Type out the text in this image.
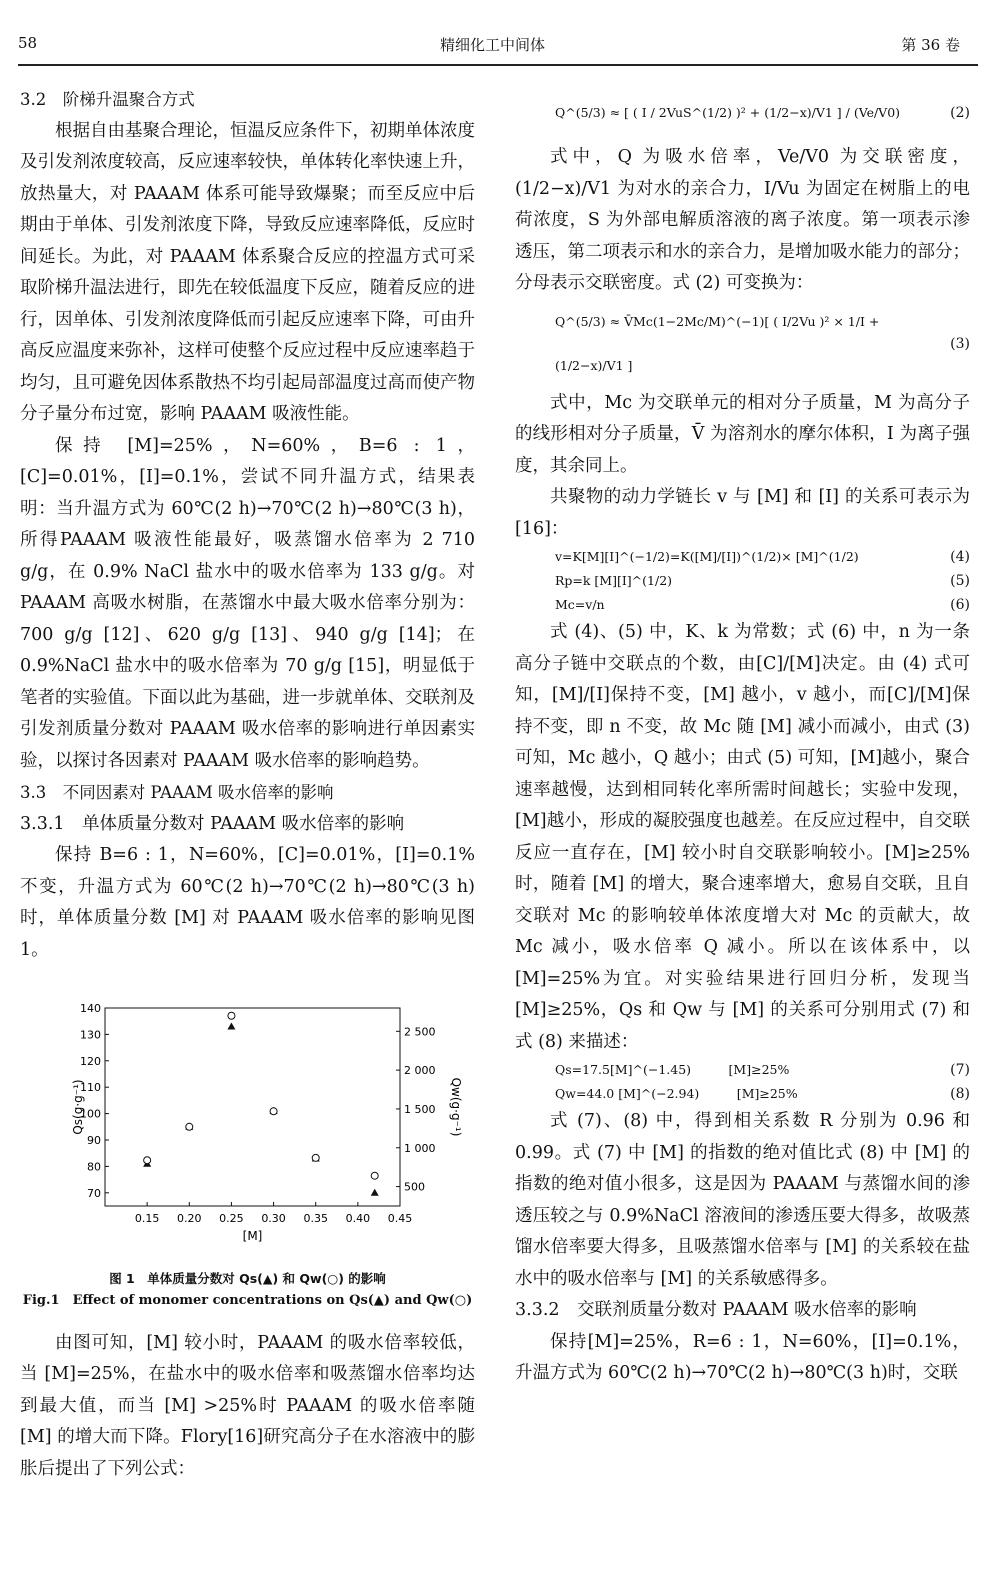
58	精细化工中间体	第 36 卷

3.2　阶梯升温聚合方式

根据自由基聚合理论，恒温反应条件下，初期单体浓度及引发剂浓度较高，反应速率较快，单体转化率快速上升，放热量大，对 PAAAM 体系可能导致爆聚；而至反应中后期由于单体、引发剂浓度下降，导致反应速率降低，反应时间延长。为此，对 PAAAM 体系聚合反应的控温方式可采取阶梯升温法进行，即先在较低温度下反应，随着反应的进行，因单体、引发剂浓度降低而引起反应速率下降，可由升高反应温度来弥补，这样可使整个反应过程中反应速率趋于均匀，且可避免因体系散热不均引起局部温度过高而使产物分子量分布过宽，影响 PAAAM 吸液性能。

保持 [M]=25%，N=60%，B=6 : 1，[C]=0.01%，[I]=0.1%，尝试不同升温方式，结果表明：当升温方式为 60℃(2 h)→70℃(2 h)→80℃(3 h)，所得PAAAM 吸液性能最好，吸蒸馏水倍率为 2 710 g/g，在 0.9% NaCl 盐水中的吸水倍率为 133 g/g。对PAAAM 高吸水树脂，在蒸馏水中最大吸水倍率分别为：700 g/g [12]、620 g/g [13]、940 g/g [14]；在 0.9%NaCl 盐水中的吸水倍率为 70 g/g [15]，明显低于笔者的实验值。下面以此为基础，进一步就单体、交联剂及引发剂质量分数对 PAAAM 吸水倍率的影响进行单因素实验，以探讨各因素对 PAAAM 吸水倍率的影响趋势。

3.3　不同因素对 PAAAM 吸水倍率的影响

3.3.1　单体质量分数对 PAAAM 吸水倍率的影响

保持 B=6 : 1，N=60%，[C]=0.01%，[I]=0.1%不变，升温方式为 60℃(2 h)→70℃(2 h)→80℃(3 h)时，单体质量分数 [M] 对 PAAAM 吸水倍率的影响见图 1。

0.15 0.20 0.25 0.30 0.35 0.40 0.45
70
80
90
100
110
120
130
140
500
1 000
1 500
2 000
2 500
[M]
Qs(g·g⁻¹)	Qw(g·g⁻¹)
图 1　单体质量分数对 Qs(▲) 和 Qw(○) 的影响
Fig.1　Effect of monomer concentrations on Qs(▲) and Qw(○)

由图可知，[M] 较小时，PAAAM 的吸水倍率较低，当 [M]=25%，在盐水中的吸水倍率和吸蒸馏水倍率均达到最大值，而当 [M] >25%时 PAAAM 的吸水倍率随 [M] 的增大而下降。Flory[16]研究高分子在水溶液中的膨胀后提出了下列公式：

Q^(5/3) ≈ [ ( I / 2VuS^(1/2) )² + (1/2−x)/V1 ] / (Ve/V0)	(2)

式中，Q 为吸水倍率，Ve/V0 为交联密度，(1/2−x)/V1 为对水的亲合力，I/Vu 为固定在树脂上的电荷浓度，S 为外部电解质溶液的离子浓度。第一项表示渗透压，第二项表示和水的亲合力，是增加吸水能力的部分；分母表示交联密度。式 (2) 可变换为：

Q^(5/3) ≈ V̄Mc(1−2Mc/M)^(−1)[ ( I/2Vu )² × 1/I + (1/2−x)/V1 ]
(3)

式中，Mc 为交联单元的相对分子质量，M 为高分子的线形相对分子质量，V̄ 为溶剂水的摩尔体积，I 为离子强度，其余同上。

共聚物的动力学链长 v 与 [M] 和 [I] 的关系可表示为[16]：

v=K[M][I]^(−1/2)=K([M]/[I])^(1/2)× [M]^(1/2)	(4)
Rp=k [M][I]^(1/2)	(5)
Mc=v/n	(6)

式 (4)、(5) 中，K、k 为常数；式 (6) 中，n 为一条高分子链中交联点的个数，由[C]/[M]决定。由 (4) 式可知，[M]/[I]保持不变，[M] 越小，v 越小，而[C]/[M]保持不变，即 n 不变，故 Mc 随 [M] 减小而减小，由式 (3) 可知，Mc 越小，Q 越小；由式 (5) 可知，[M]越小，聚合速率越慢，达到相同转化率所需时间越长；实验中发现，[M]越小，形成的凝胶强度也越差。在反应过程中，自交联反应一直存在，[M] 较小时自交联影响较小。[M]≥25%时，随着 [M] 的增大，聚合速率增大，愈易自交联，且自交联对 Mc 的影响较单体浓度增大对 Mc 的贡献大，故 Mc 减小，吸水倍率 Q 减小。所以在该体系中，以 [M]=25%为宜。对实验结果进行回归分析，发现当 [M]≥25%，Qs 和 Qw 与 [M] 的关系可分别用式 (7) 和式 (8) 来描述：

Qs=17.5[M]^(−1.45)　　　[M]≥25%	(7)
Qw=44.0 [M]^(−2.94)　　　[M]≥25%	(8)

式 (7)、(8) 中，得到相关系数 R 分别为 0.96 和 0.99。式 (7) 中 [M] 的指数的绝对值比式 (8) 中 [M] 的指数的绝对值小很多，这是因为 PAAAM 与蒸馏水间的渗透压较之与 0.9%NaCl 溶液间的渗透压要大得多，故吸蒸馏水倍率要大得多，且吸蒸馏水倍率与 [M] 的关系较在盐水中的吸水倍率与 [M] 的关系敏感得多。

3.3.2　交联剂质量分数对 PAAAM 吸水倍率的影响

保持[M]=25%，R=6 : 1，N=60%，[I]=0.1%，升温方式为 60℃(2 h)→70℃(2 h)→80℃(3 h)时，交联
